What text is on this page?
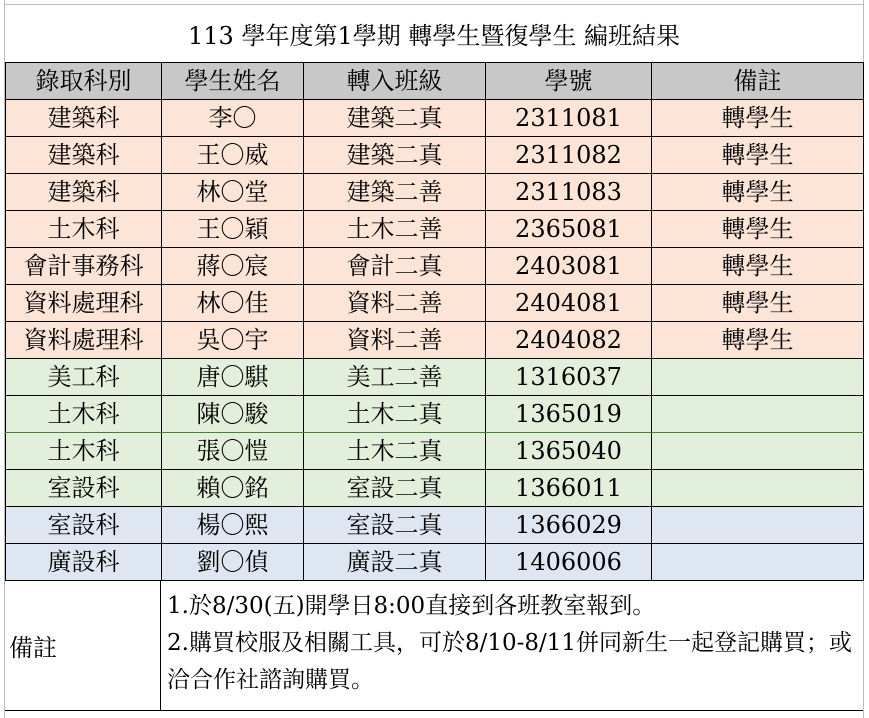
113 學年度第1學期 轉學生暨復學生 編班結果
錄取科別	學生姓名	轉入班級	學號	備註
建築科	李〇	建築二真	2311081	轉學生
建築科	王〇威	建築二真	2311082	轉學生
建築科	林〇堂	建築二善	2311083	轉學生
土木科	王〇穎	土木二善	2365081	轉學生
會計事務科	蔣〇宸	會計二真	2403081	轉學生
資料處理科	林〇佳	資料二善	2404081	轉學生
資料處理科	吳〇宇	資料二善	2404082	轉學生
美工科	唐〇騏	美工二善	1316037	
土木科	陳〇駿	土木二真	1365019	
土木科	張〇愷	土木二真	1365040	
室設科	賴〇銘	室設二真	1366011	
室設科	楊〇熙	室設二真	1366029	
廣設科	劉〇偵	廣設二真	1406006	
備註
1.於8/30(五)開學日8:00直接到各班教室報到。
2.購買校服及相關工具，可於8/10-8/11併同新生一起登記購買；或洽合作社諮詢購買。
